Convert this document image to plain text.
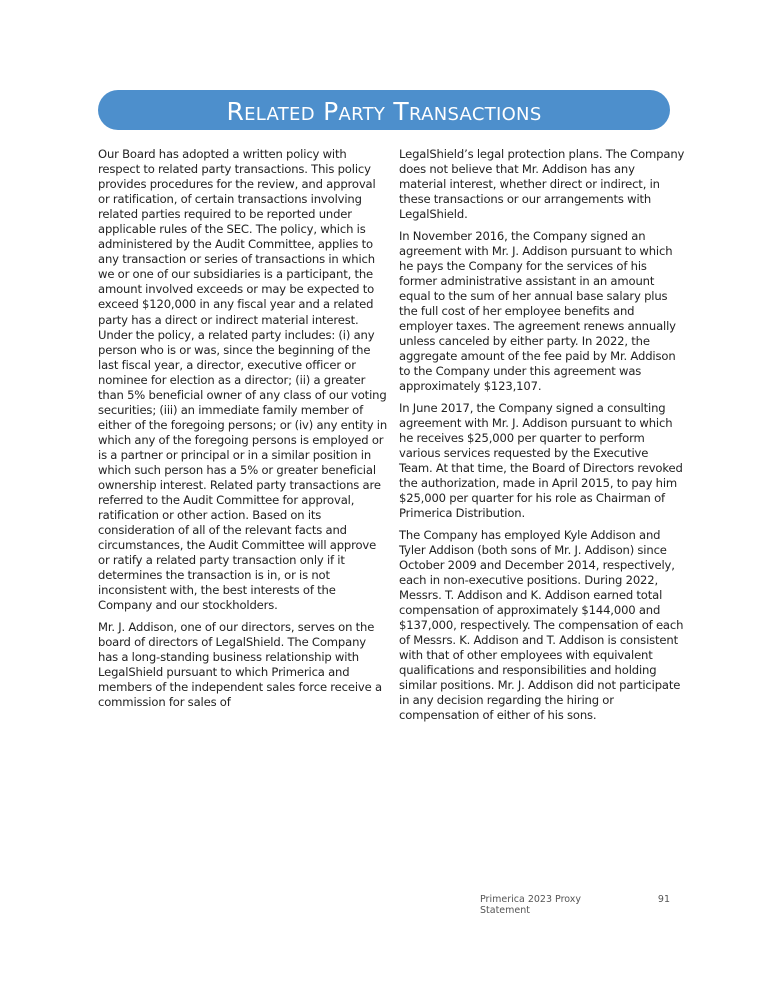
Related Party Transactions

Our Board has adopted a written policy with respect to related party transactions. This policy provides procedures for the review, and approval or ratification, of certain transactions involving related parties required to be reported under applicable rules of the SEC. The policy, which is administered by the Audit Committee, applies to any transaction or series of transactions in which we or one of our subsidiaries is a participant, the amount involved exceeds or may be expected to exceed $120,000 in any fiscal year and a related party has a direct or indirect material interest. Under the policy, a related party includes: (i) any person who is or was, since the beginning of the last fiscal year, a director, executive officer or nominee for election as a director; (ii) a greater than 5% beneficial owner of any class of our voting securities; (iii) an immediate family member of either of the foregoing persons; or (iv) any entity in which any of the foregoing persons is employed or is a partner or principal or in a similar position in which such person has a 5% or greater beneficial ownership interest. Related party transactions are referred to the Audit Committee for approval, ratification or other action. Based on its consideration of all of the relevant facts and circumstances, the Audit Committee will approve or ratify a related party transaction only if it determines the transaction is in, or is not inconsistent with, the best interests of the Company and our stockholders.

Mr. J. Addison, one of our directors, serves on the board of directors of LegalShield. The Company has a long-standing business relationship with LegalShield pursuant to which Primerica and members of the independent sales force receive a commission for sales of

LegalShield’s legal protection plans. The Company does not believe that Mr. Addison has any material interest, whether direct or indirect, in these transactions or our arrangements with LegalShield.

In November 2016, the Company signed an agreement with Mr. J. Addison pursuant to which he pays the Company for the services of his former administrative assistant in an amount equal to the sum of her annual base salary plus the full cost of her employee benefits and employer taxes. The agreement renews annually unless canceled by either party. In 2022, the aggregate amount of the fee paid by Mr. Addison to the Company under this agreement was approximately $123,107.

In June 2017, the Company signed a consulting agreement with Mr. J. Addison pursuant to which he receives $25,000 per quarter to perform various services requested by the Executive Team. At that time, the Board of Directors revoked the authorization, made in April 2015, to pay him $25,000 per quarter for his role as Chairman of Primerica Distribution.

The Company has employed Kyle Addison and Tyler Addison (both sons of Mr. J. Addison) since October 2009 and December 2014, respectively, each in non-executive positions. During 2022, Messrs. T. Addison and K. Addison earned total compensation of approximately $144,000 and $137,000, respectively. The compensation of each of Messrs. K. Addison and T. Addison is consistent with that of other employees with equivalent qualifications and responsibilities and holding similar positions. Mr. J. Addison did not participate in any decision regarding the hiring or compensation of either of his sons.

Primerica 2023 Proxy Statement
91
